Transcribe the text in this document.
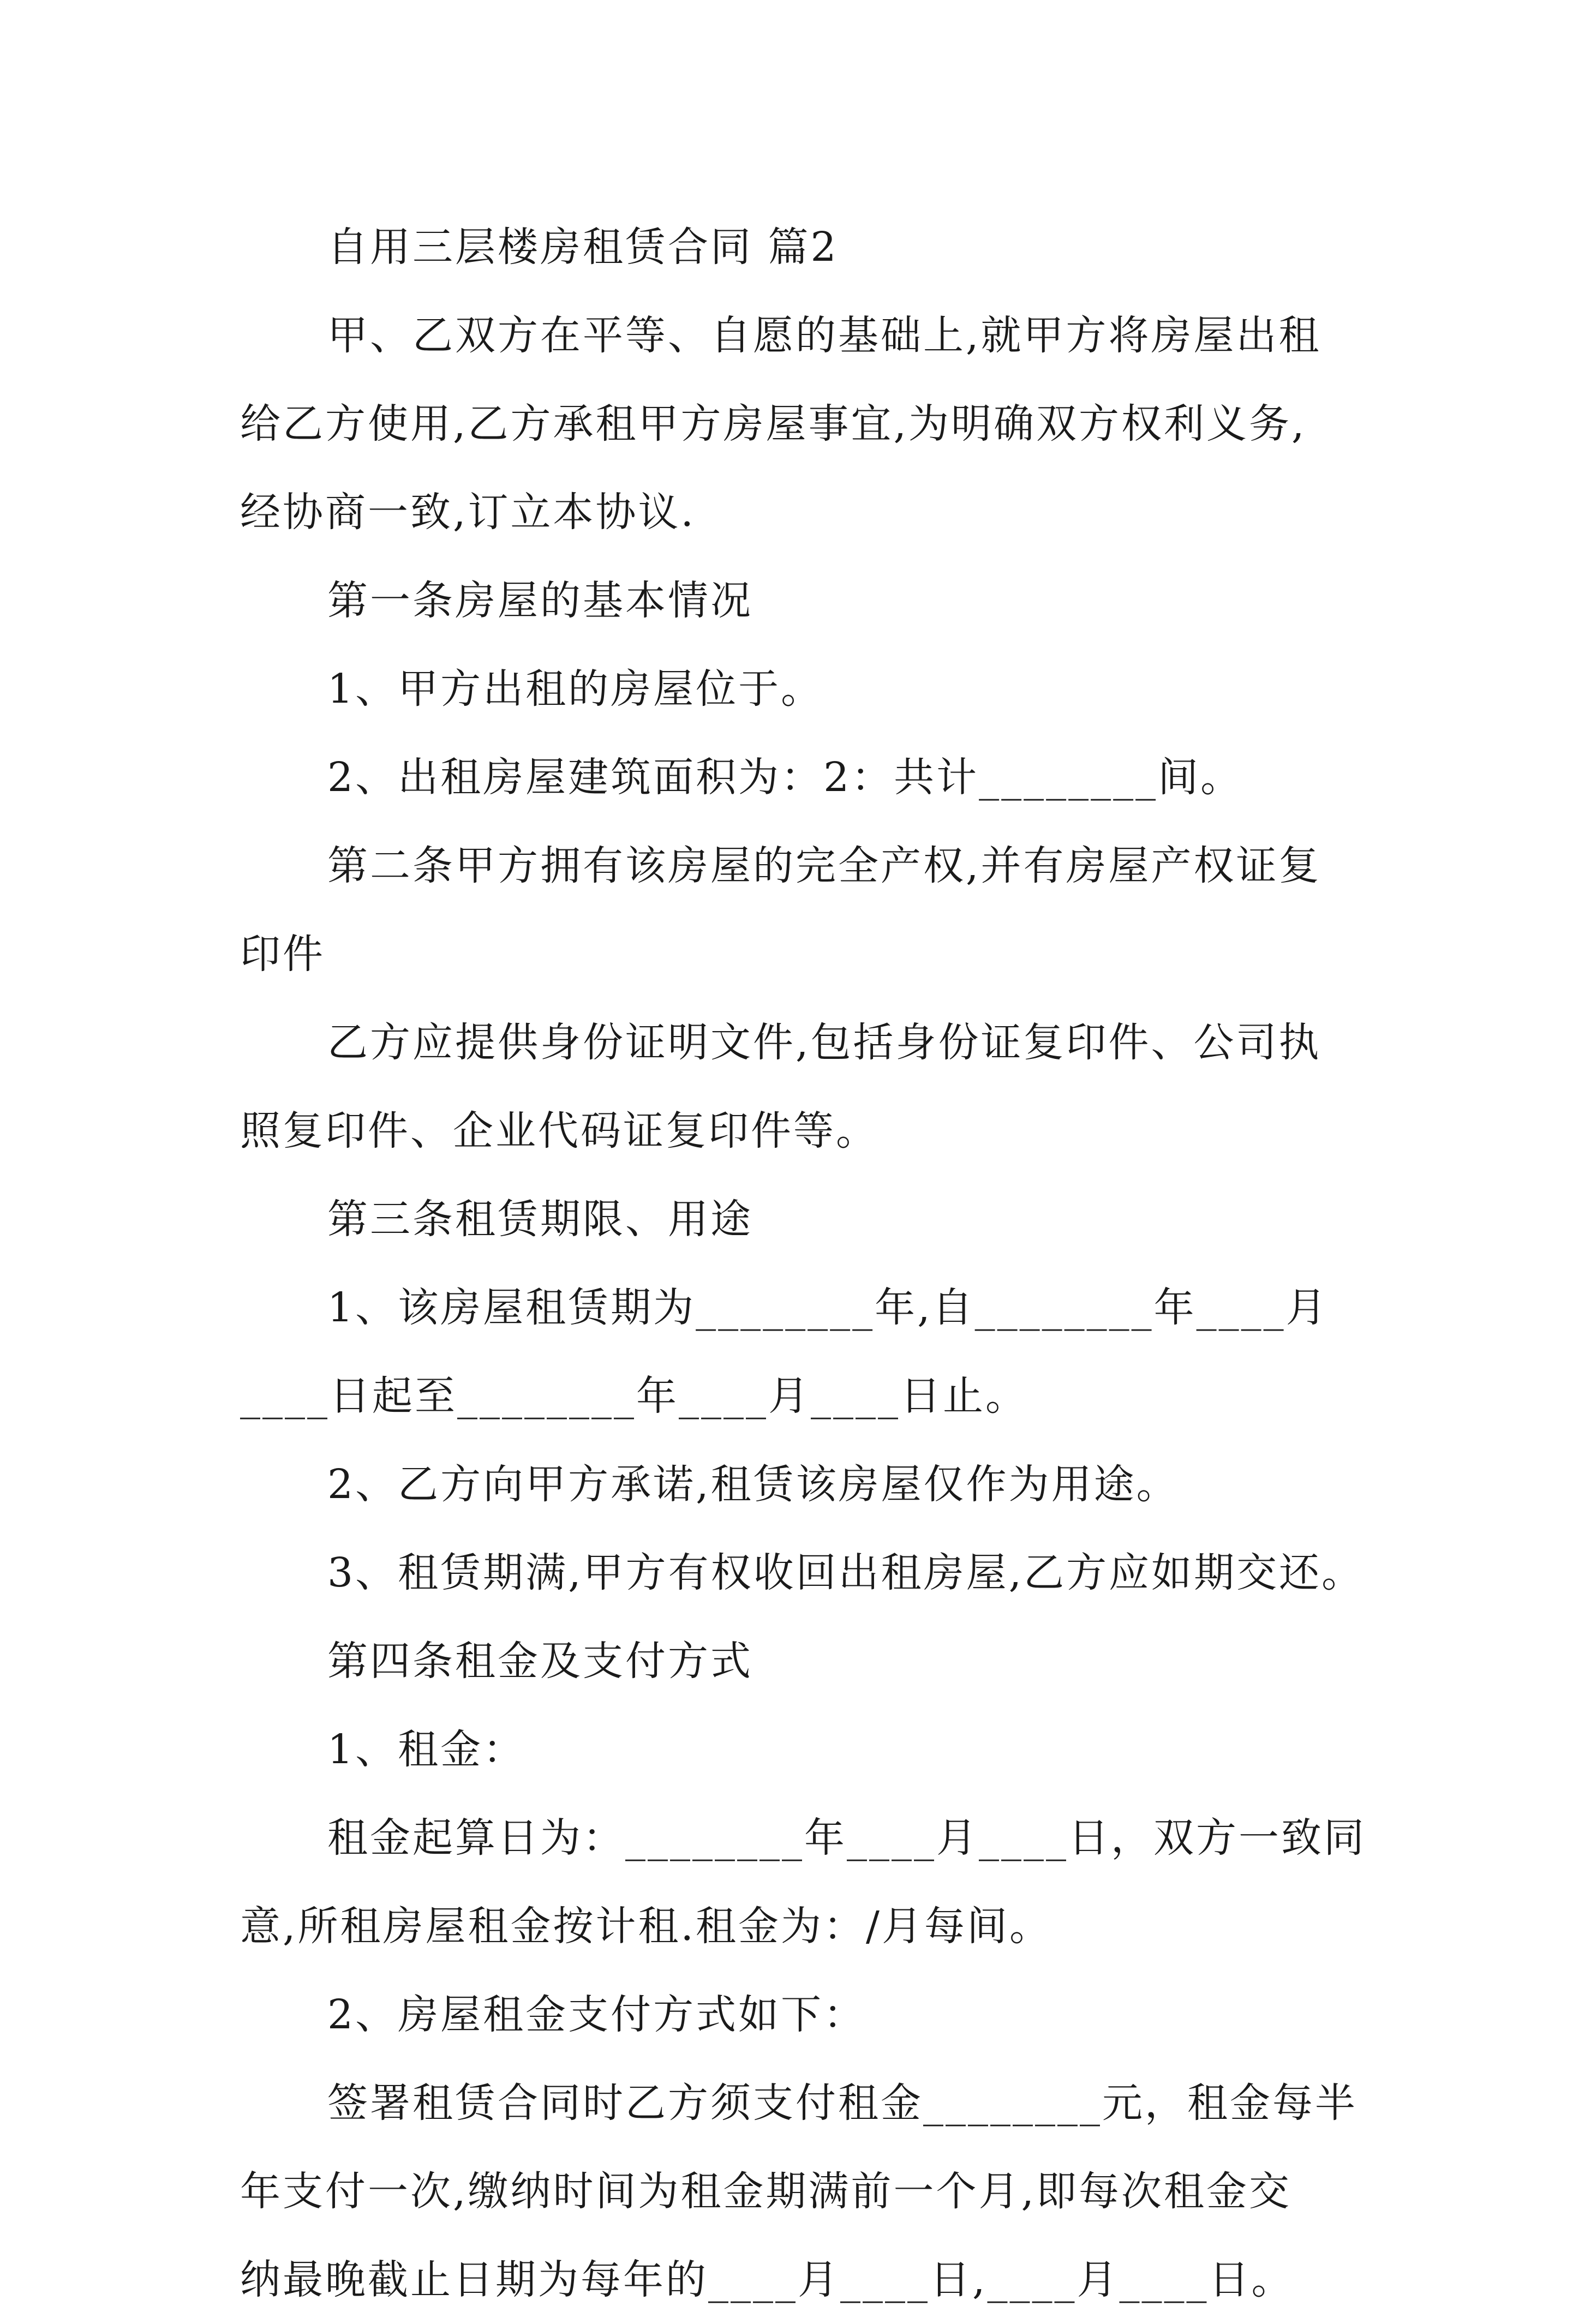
自用三层楼房租赁合同 篇2
甲、乙双方在平等、自愿的基础上,就甲方将房屋出租
给乙方使用,乙方承租甲方房屋事宜,为明确双方权利义务,
经协商一致,订立本协议.
第一条房屋的基本情况
1、甲方出租的房屋位于。
2、出租房屋建筑面积为：2：共计________间。
第二条甲方拥有该房屋的完全产权,并有房屋产权证复
印件
乙方应提供身份证明文件,包括身份证复印件、公司执
照复印件、企业代码证复印件等。
第三条租赁期限、用途
1、该房屋租赁期为________年,自________年____月
____日起至________年____月____日止。
2、乙方向甲方承诺,租赁该房屋仅作为用途。
3、租赁期满,甲方有权收回出租房屋,乙方应如期交还。
第四条租金及支付方式
1、租金：
租金起算日为：________年____月____日，双方一致同
意,所租房屋租金按计租.租金为：/月每间。
2、房屋租金支付方式如下：
签署租赁合同时乙方须支付租金________元，租金每半
年支付一次,缴纳时间为租金期满前一个月,即每次租金交
纳最晚截止日期为每年的____月____日,____月____日。
